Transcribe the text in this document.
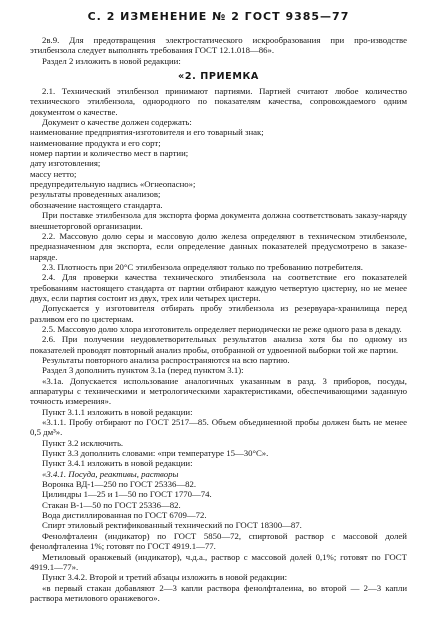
С. 2 ИЗМЕНЕНИЕ № 2 ГОСТ 9385—77

2в.9. Для предотвращения электростатического искрообразования при про-изводстве этилбензола следует выполнять требования ГОСТ 12.1.018—86».

Раздел 2 изложить в новой редакции:

«2. ПРИЕМКА

2.1. Технический этилбензол принимают партиями. Партией считают любое количество технического этилбензола, однородного по показателям качества, сопровождаемого одним документом о качестве.

Документ о качестве должен содержать:

наименование предприятия-изготовителя и его товарный знак;

наименование продукта и его сорт;

номер партии и количество мест в партии;

дату изготовления;

массу нетто;

предупредительную надпись «Огнеопасно»;

результаты проведенных анализов;

обозначение настоящего стандарта.

При поставке этилбензола для экспорта форма документа должна соответствовать заказу-наряду внешнеторговой организации.

2.2. Массовую долю серы и массовую долю железа определяют в техническом этилбензоле, предназначенном для экспорта, если определение данных показателей предусмотрено в заказе-наряде.

2.3. Плотность при 20°С этилбензола определяют только по требованию потребителя.

2.4. Для проверки качества технического этилбензола на соответствие его показателей требованиям настоящего стандарта от партии отбирают каждую четвертую цистерну, но не менее двух, если партия состоит из двух, трех или четырех цистерн.

Допускается у изготовителя отбирать пробу этилбензола из резервуара-хранилища перед разливом его по цистернам.

2.5. Массовую долю хлора изготовитель определяет периодически не реже одного раза в декаду.

2.6. При получении неудовлетворительных результатов анализа хотя бы по одному из показателей проводят повторный анализ пробы, отобранной от удвоенной выборки той же партии.

Результаты повторного анализа распространяются на всю партию.

Раздел 3 дополнить пунктом 3.1а (перед пунктом 3.1):

«3.1а. Допускается использование аналогичных указанным в разд. 3 приборов, посуды, аппаратуры с техническими и метрологическими характеристиками, обеспечивающими заданную точность измерения».

Пункт 3.1.1 изложить в новой редакции:

«3.1.1. Пробу отбирают по ГОСТ 2517—85. Объем объединенной пробы должен быть не менее 0,5 дм³».

Пункт 3.2 исключить.

Пункт 3.3 дополнить словами: «при температуре 15—30°С».

Пункт 3.4.1 изложить в новой редакции:

«3.4.1. Посуда, реактивы, растворы

Воронка ВД-1—250 по ГОСТ 25336—82.

Цилиндры 1—25 и 1—50 по ГОСТ 1770—74.

Стакан В-1—50 по ГОСТ 25336—82.

Вода дистиллированная по ГОСТ 6709—72.

Спирт этиловый ректификованный технический по ГОСТ 18300—87.

Фенолфталеин (индикатор) по ГОСТ 5850—72, спиртовой раствор с массовой долей фенолфталеина 1%; готовят по ГОСТ 4919.1—77.

Метиловый оранжевый (индикатор), ч.д.а., раствор с массовой долей 0,1%; готовят по ГОСТ 4919.1—77».

Пункт 3.4.2. Второй и третий абзацы изложить в новой редакции:

«в первый стакан добавляют 2—3 капли раствора фенолфталеина, во второй — 2—3 капли раствора метилового оранжевого».
